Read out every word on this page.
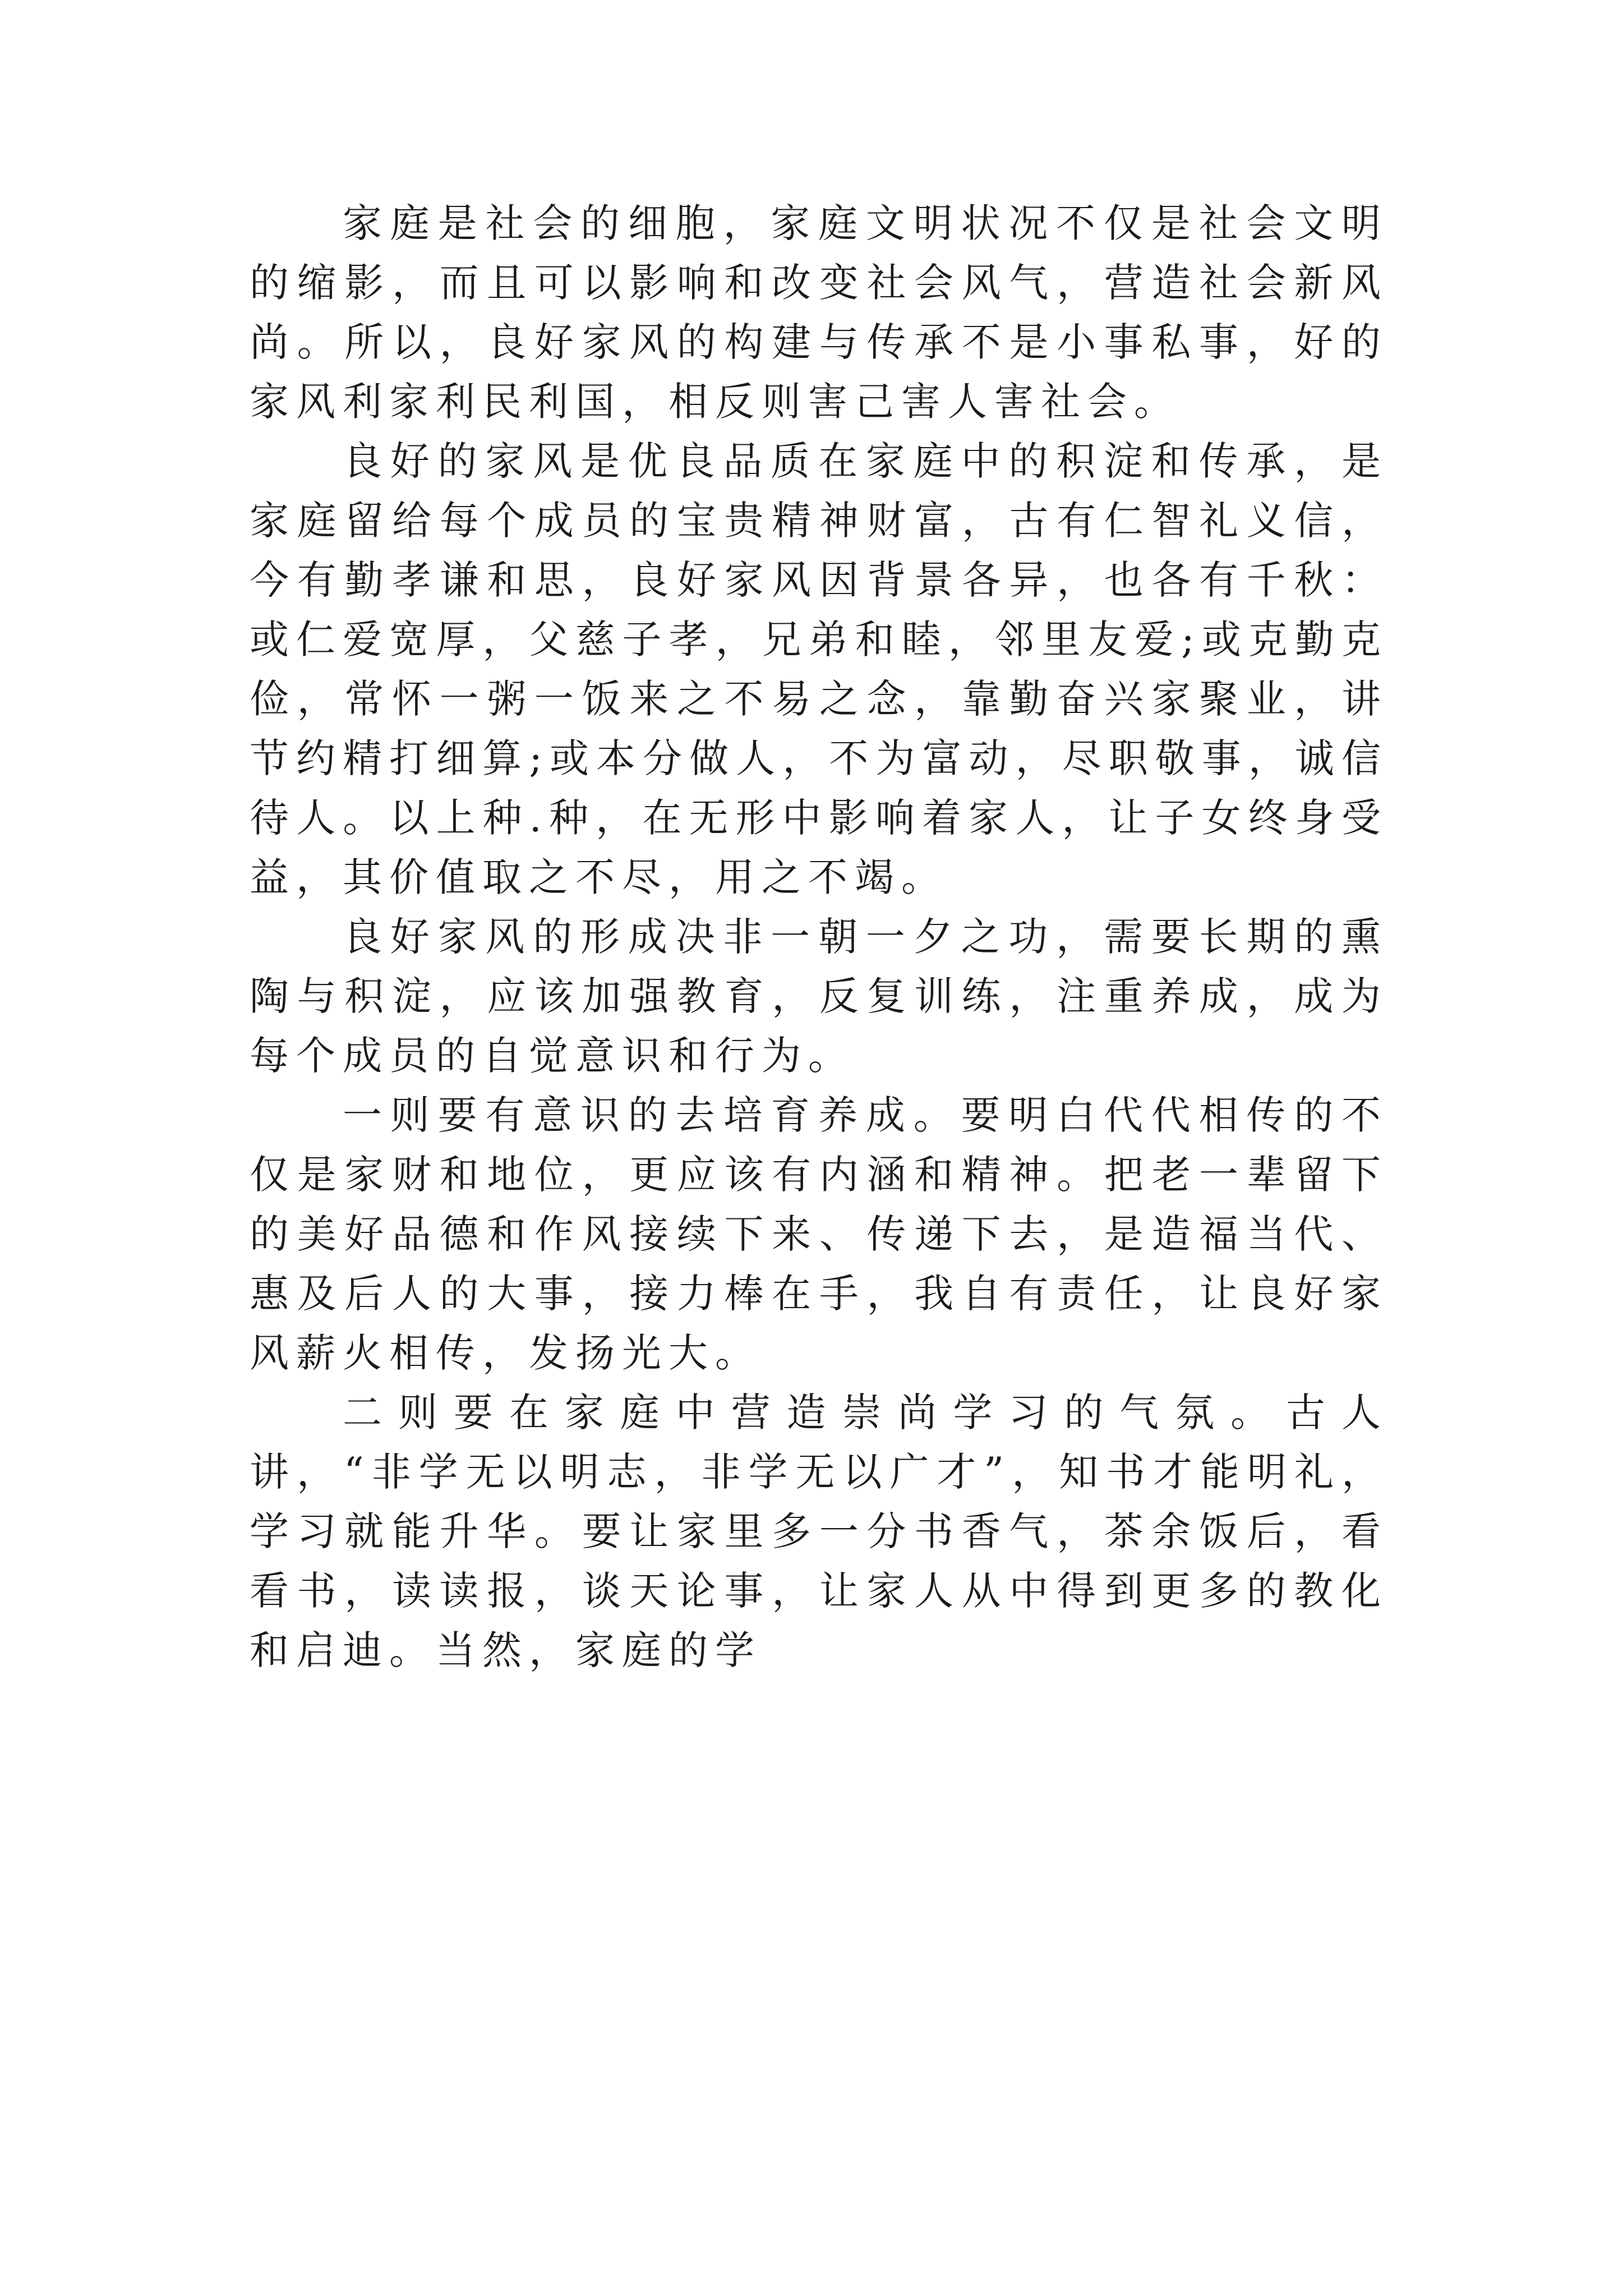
家庭是社会的细胞，家庭文明状况不仅是社会文明的缩影，而且可以影响和改变社会风气，营造社会新风尚。所以，良好家风的构建与传承不是小事私事，好的家风利家利民利国，相反则害己害人害社会。

良好的家风是优良品质在家庭中的积淀和传承，是家庭留给每个成员的宝贵精神财富，古有仁智礼义信，今有勤孝谦和思，良好家风因背景各异，也各有千秋：或仁爱宽厚，父慈子孝，兄弟和睦，邻里友爱;或克勤克俭，常怀一粥一饭来之不易之念，靠勤奋兴家聚业，讲节约精打细算;或本分做人，不为富动，尽职敬事，诚信待人。以上种.种，在无形中影响着家人，让子女终身受益，其价值取之不尽，用之不竭。

良好家风的形成决非一朝一夕之功，需要长期的熏陶与积淀，应该加强教育，反复训练，注重养成，成为每个成员的自觉意识和行为。

一则要有意识的去培育养成。要明白代代相传的不仅是家财和地位，更应该有内涵和精神。把老一辈留下的美好品德和作风接续下来、传递下去，是造福当代、惠及后人的大事，接力棒在手，我自有责任，让良好家风薪火相传，发扬光大。

二则要在家庭中营造崇尚学习的气氛。古人讲，“非学无以明志，非学无以广才”，知书才能明礼，学习就能升华。要让家里多一分书香气，茶余饭后，看看书，读读报，谈天论事，让家人从中得到更多的教化和启迪。当然，家庭的学
